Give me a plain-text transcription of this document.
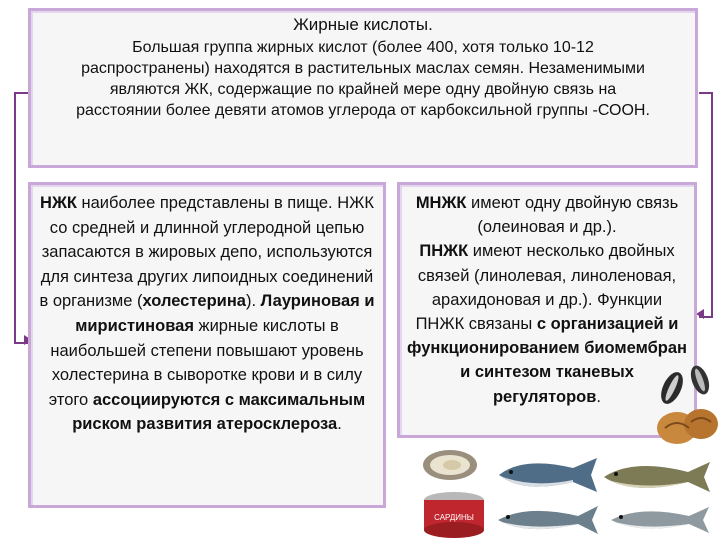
Жирные кислоты.
Большая группа жирных кислот (более 400, хотя только 10-12
распространены) находятся в растительных маслах семян. Незаменимыми
являются ЖК, содержащие по крайней мере одну двойную связь на
расстоянии более девяти атомов углерода от карбоксильной группы -СООН.
НЖК наиболее представлены в пище. НЖК со средней и длинной углеродной цепью запасаются в жировых депо, используются для синтеза других липоидных соединений в организме (холестерина). Лауриновая и миристиновая жирные кислоты в наибольшей степени повышают уровень холестерина в сыворотке крови и в силу этого ассоциируются с максимальным риском развития атеросклероза.
МНЖК имеют одну двойную связь (олеиновая и др.).
ПНЖК имеют несколько двойных связей (линолевая, линоленовая, арахидоновая и др.). Функции ПНЖК связаны с организацией и функционированием биомембран и синтезом тканевых регуляторов.
САРДИНЫ
